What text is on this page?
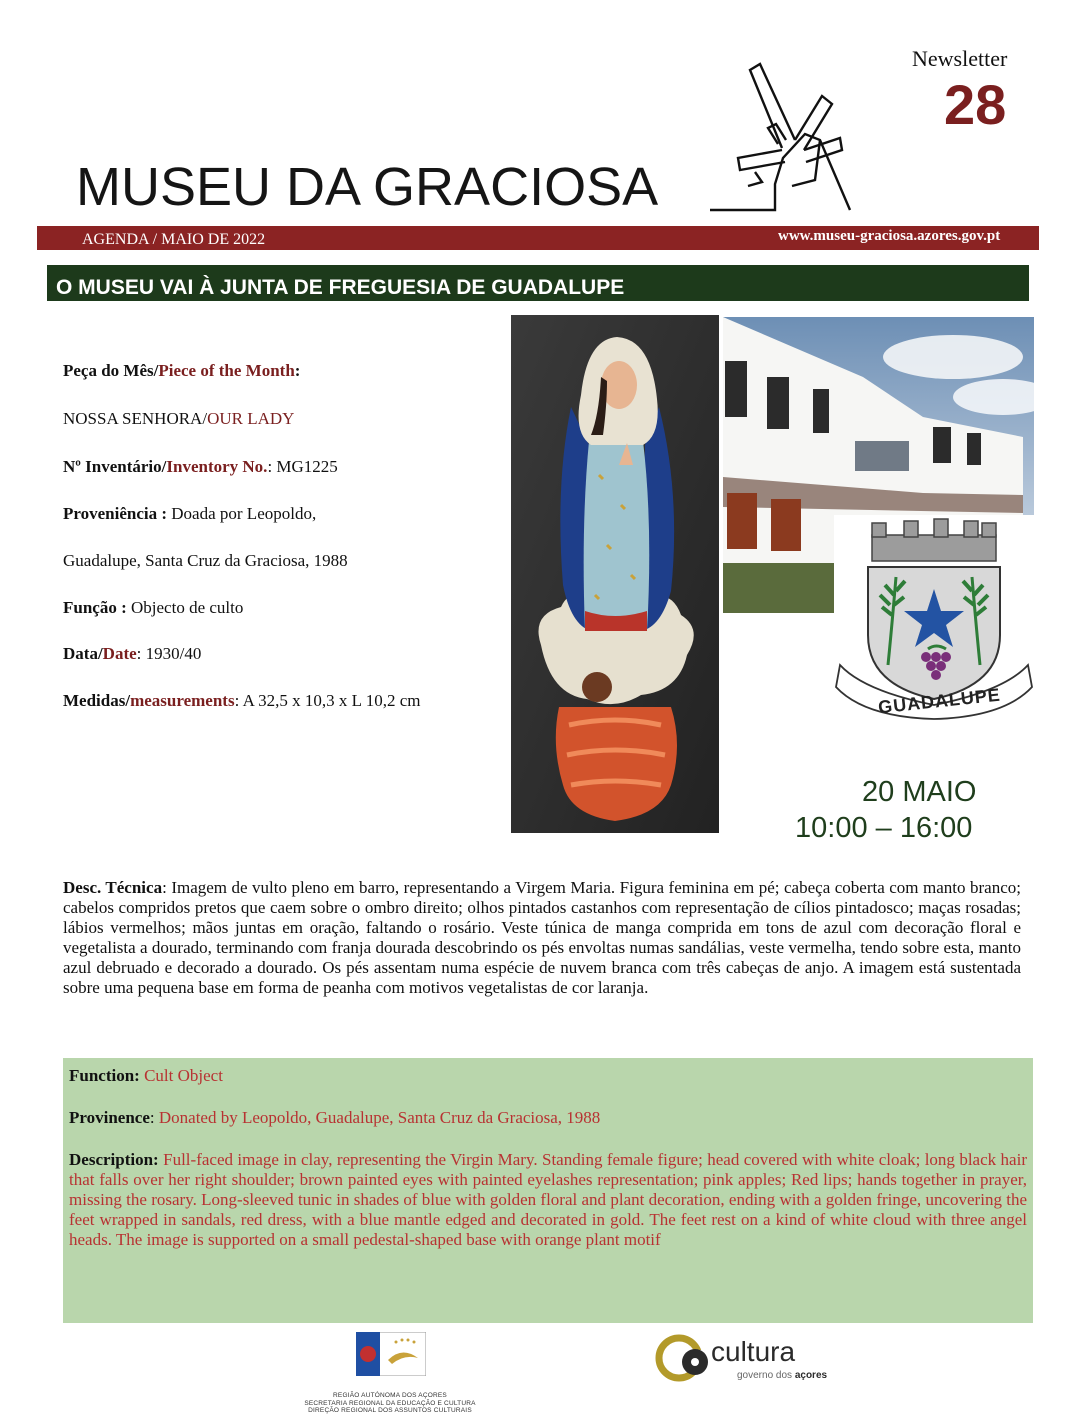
Newsletter
28
MUSEU DA GRACIOSA
AGENDA / MAIO DE 2022	www.museu-graciosa.azores.gov.pt
O MUSEU VAI À JUNTA DE FREGUESIA DE GUADALUPE
Peça do Mês/Piece of the Month:
NOSSA SENHORA/OUR LADY
Nº Inventário/Inventory No.: MG1225
Proveniência : Doada por Leopoldo,
Guadalupe, Santa Cruz da Graciosa, 1988
Função : Objecto de culto
Data/Date: 1930/40
Medidas/measurements: A 32,5 x 10,3 x L 10,2 cm	GUADALUPE
20 MAIO
10:00 – 16:00
Desc. Técnica: Imagem de vulto pleno em barro, representando a Virgem Maria. Figura feminina em pé; cabeça coberta com manto branco; cabelos compridos pretos que caem sobre o ombro direito; olhos pintados castanhos com representação de cílios pintadosco; maças rosadas; lábios vermelhos; mãos juntas em oração, faltando o rosário. Veste túnica de manga comprida em tons de azul com decoração floral e vegetalista a dourado, terminando com franja dourada descobrindo os pés envoltas numas sandálias, veste vermelha, tendo sobre esta, manto azul debruado e decorado a dourado. Os pés assentam numa espécie de nuvem branca com três cabeças de anjo. A imagem está sustentada sobre uma pequena base em forma de peanha com motivos vegetalistas de cor laranja.

Function: Cult Object

Provinence: Donated by Leopoldo, Guadalupe, Santa Cruz da Graciosa, 1988

Description: Full-faced image in clay, representing the Virgin Mary. Standing female figure; head covered with white cloak; long black hair that falls over her right shoulder; brown painted eyes with painted eyelashes representation; pink apples; Red lips; hands together in prayer, missing the rosary. Long-sleeved tunic in shades of blue with golden floral and plant decoration, ending with a golden fringe, uncovering the feet wrapped in sandals, red dress, with a blue mantle edged and decorated in gold. The feet rest on a kind of white cloud with three angel heads. The image is supported on a small pedestal-shaped base with orange plant motif

REGIÃO AUTÓNOMA DOS AÇORES
SECRETARIA REGIONAL DA EDUCAÇÃO E CULTURA
DIREÇÃO REGIONAL DOS ASSUNTOS CULTURAIS
cultura
governo dos açores
